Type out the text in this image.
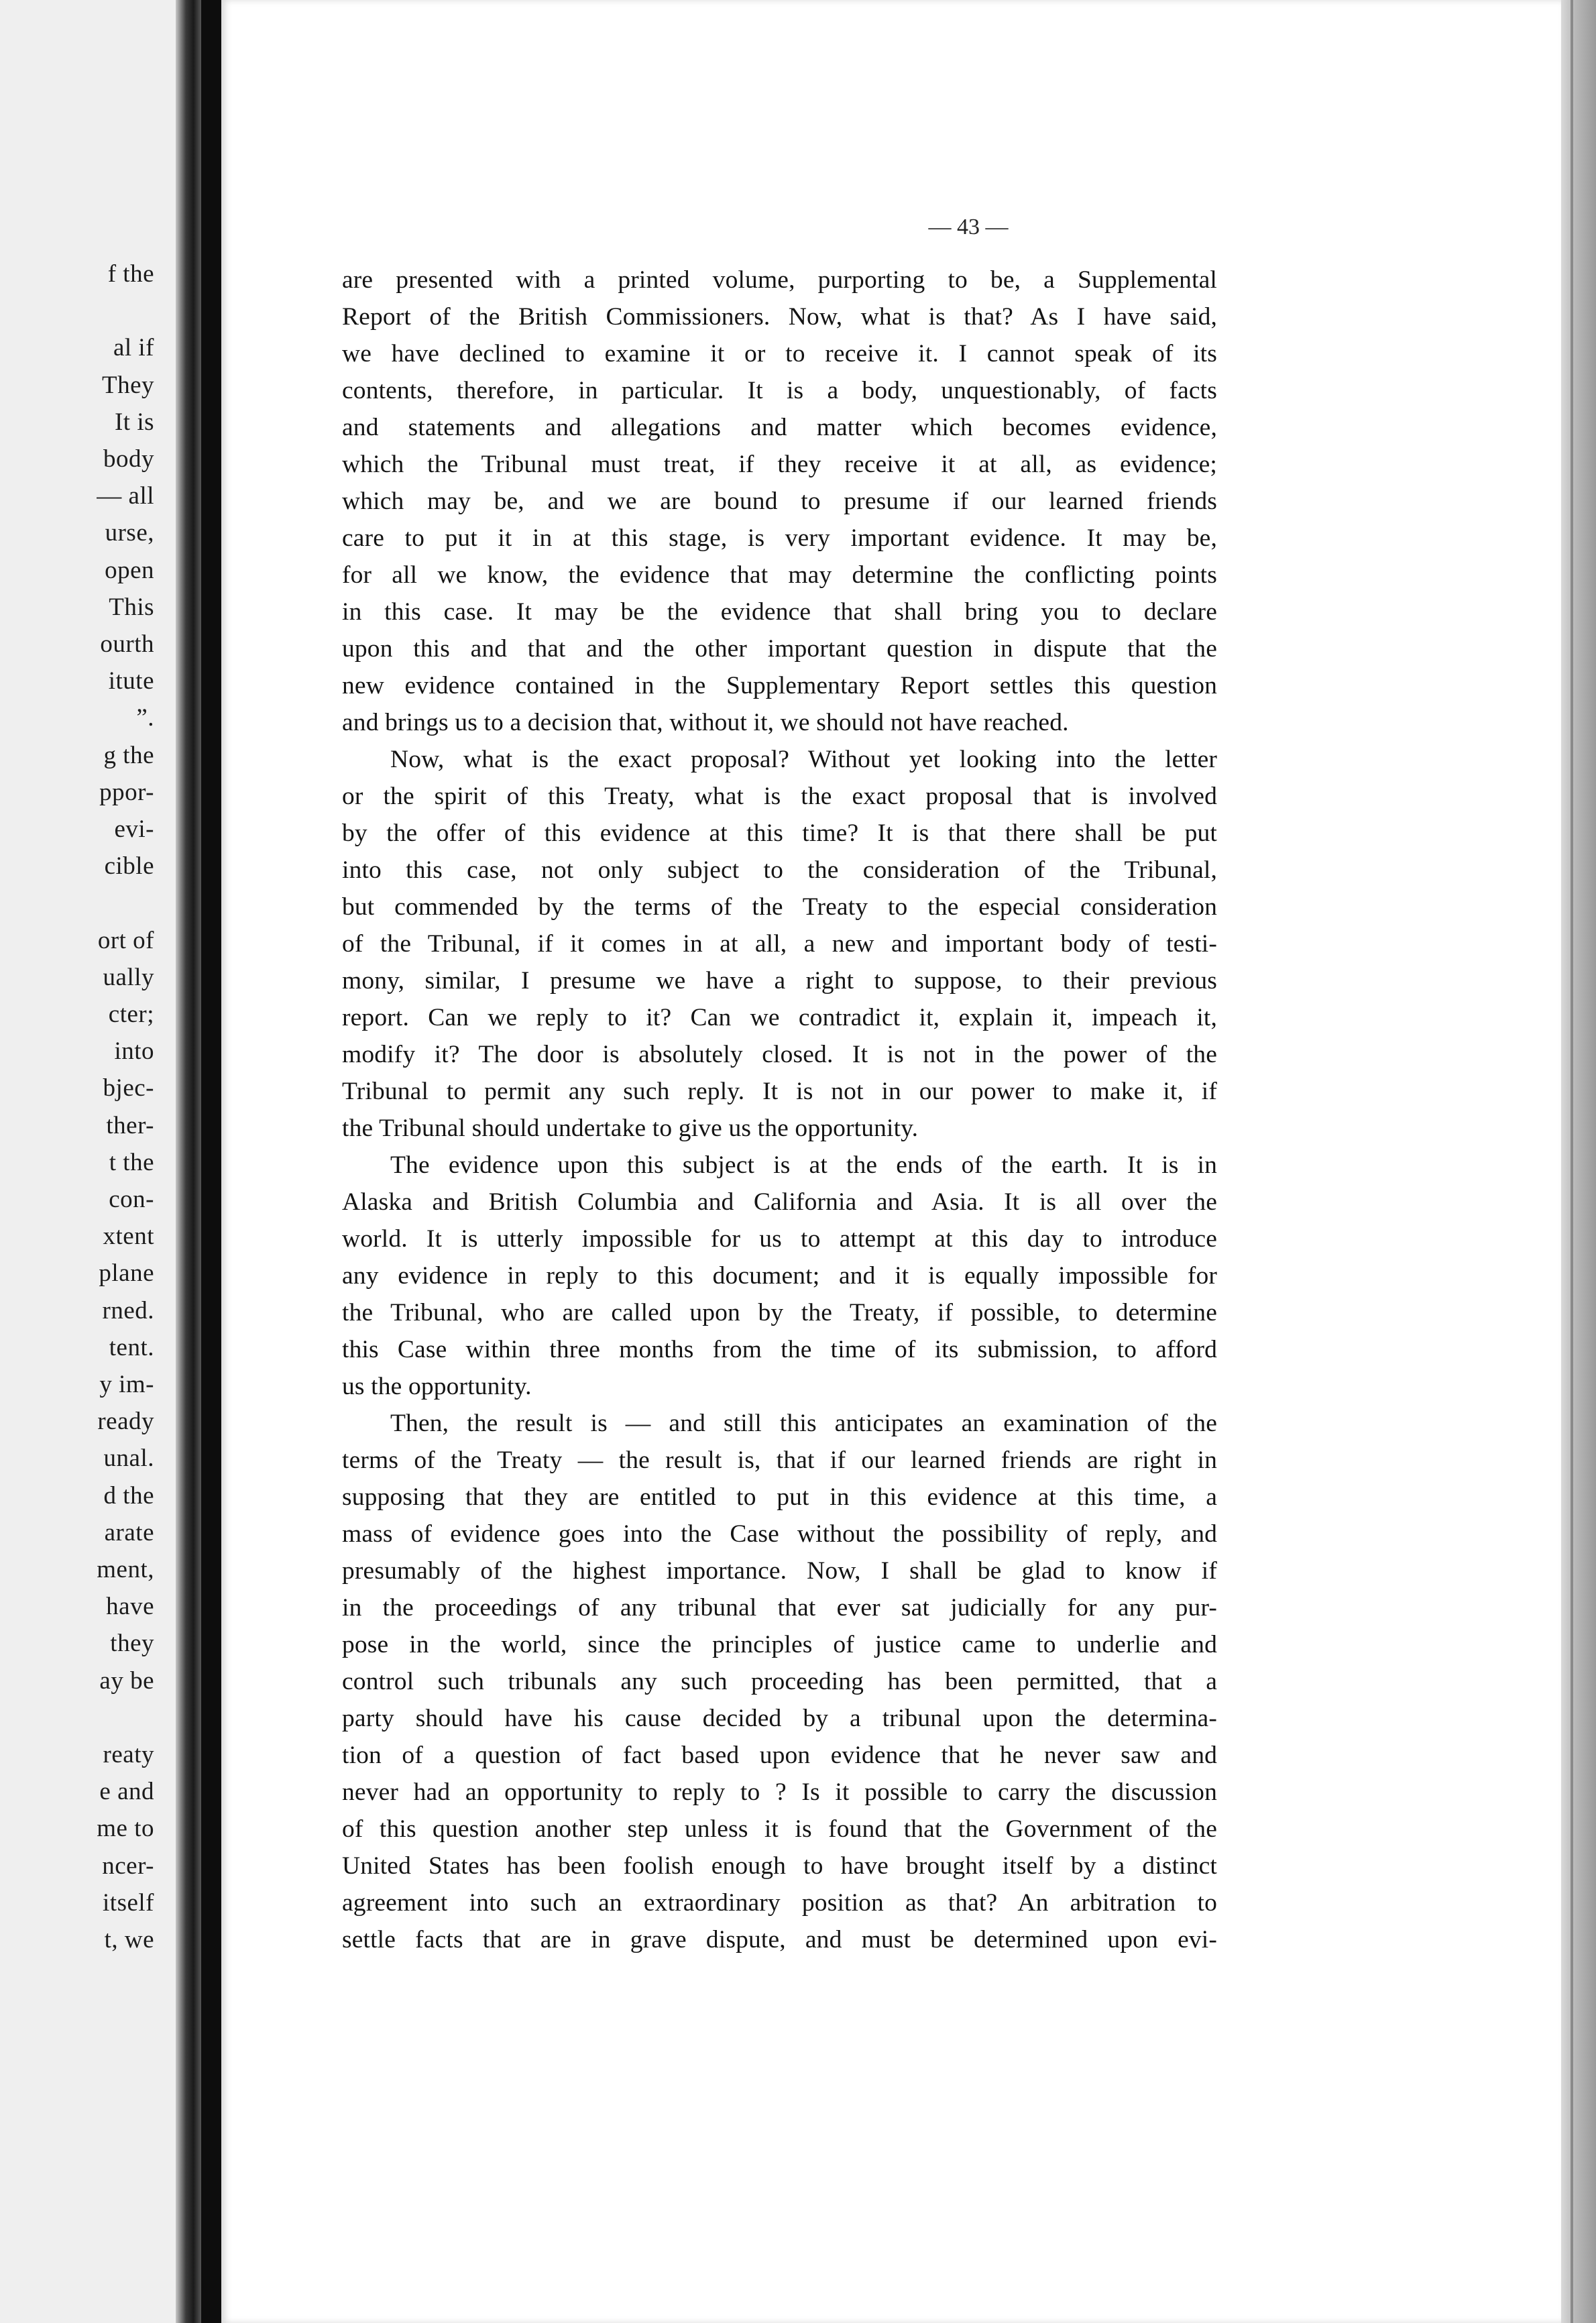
f the
al if
They
It is
body
— all
urse,
open
This
ourth
itute
”.
g the
ppor-
evi-
cible
ort of
ually
cter;
into
bjec-
ther-
t the
con-
xtent
plane
rned.
tent.
y im-
ready
unal.
d the
arate
ment,
have
they
ay be
reaty
e and
me to
ncer-
itself
t, we
— 43 —
are presented with a printed volume, purporting to be, a Supplemental
Report of the British Commissioners. Now, what is that? As I have said,
we have declined to examine it or to receive it. I cannot speak of its
contents, therefore, in particular. It is a body, unquestionably, of facts
and statements and allegations and matter which becomes evidence,
which the Tribunal must treat, if they receive it at all, as evidence;
which may be, and we are bound to presume if our learned friends
care to put it in at this stage, is very important evidence. It may be,
for all we know, the evidence that may determine the conflicting points
in this case. It may be the evidence that shall bring you to declare
upon this and that and the other important question in dispute that the
new evidence contained in the Supplementary Report settles this question
and brings us to a decision that, without it, we should not have reached.
Now, what is the exact proposal? Without yet looking into the letter
or the spirit of this Treaty, what is the exact proposal that is involved
by the offer of this evidence at this time? It is that there shall be put
into this case, not only subject to the consideration of the Tribunal,
but commended by the terms of the Treaty to the especial consideration
of the Tribunal, if it comes in at all, a new and important body of testi-
mony, similar, I presume we have a right to suppose, to their previous
report. Can we reply to it? Can we contradict it, explain it, impeach it,
modify it? The door is absolutely closed. It is not in the power of the
Tribunal to permit any such reply. It is not in our power to make it, if
the Tribunal should undertake to give us the opportunity.
The evidence upon this subject is at the ends of the earth. It is in
Alaska and British Columbia and California and Asia. It is all over the
world. It is utterly impossible for us to attempt at this day to introduce
any evidence in reply to this document; and it is equally impossible for
the Tribunal, who are called upon by the Treaty, if possible, to determine
this Case within three months from the time of its submission, to afford
us the opportunity.
Then, the result is — and still this anticipates an examination of the
terms of the Treaty — the result is, that if our learned friends are right in
supposing that they are entitled to put in this evidence at this time, a
mass of evidence goes into the Case without the possibility of reply, and
presumably of the highest importance. Now, I shall be glad to know if
in the proceedings of any tribunal that ever sat judicially for any pur-
pose in the world, since the principles of justice came to underlie and
control such tribunals any such proceeding has been permitted, that a
party should have his cause decided by a tribunal upon the determina-
tion of a question of fact based upon evidence that he never saw and
never had an opportunity to reply to ? Is it possible to carry the discussion
of this question another step unless it is found that the Government of the
United States has been foolish enough to have brought itself by a distinct
agreement into such an extraordinary position as that? An arbitration to
settle facts that are in grave dispute, and must be determined upon evi-
